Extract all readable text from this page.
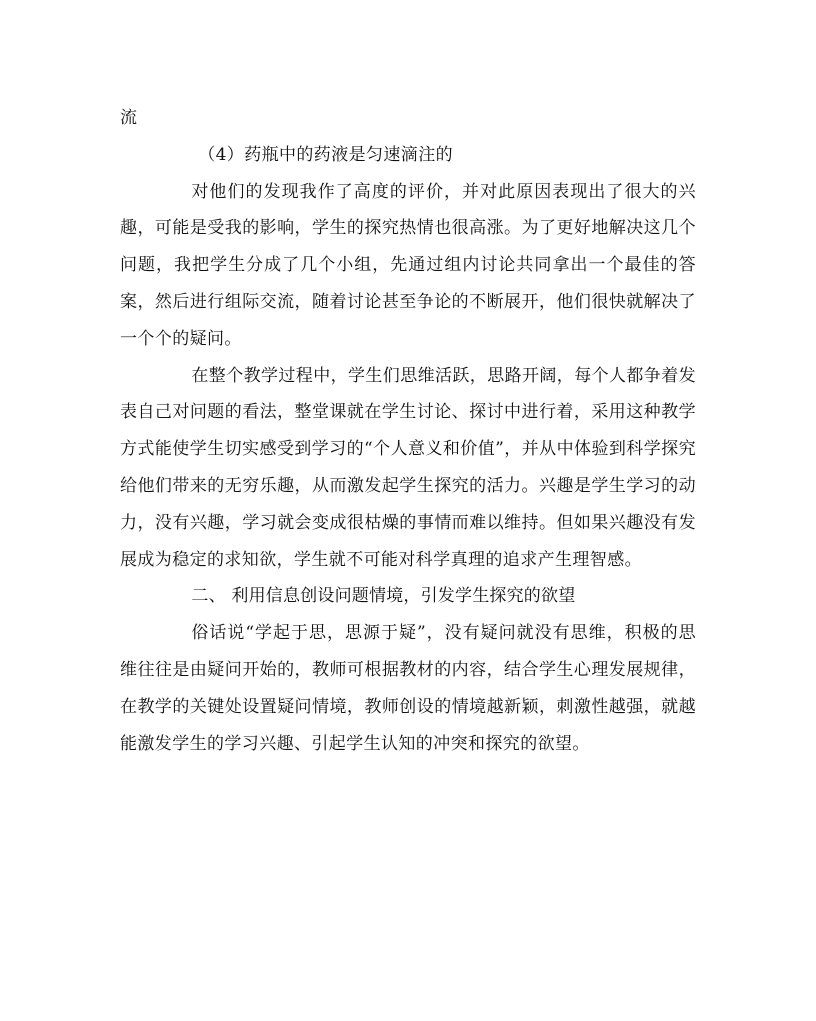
流

（4）药瓶中的药液是匀速滴注的

对他们的发现我作了高度的评价，并对此原因表现出了很大的兴趣，可能是受我的影响，学生的探究热情也很高涨。为了更好地解决这几个问题，我把学生分成了几个小组，先通过组内讨论共同拿出一个最佳的答案，然后进行组际交流，随着讨论甚至争论的不断展开，他们很快就解决了一个个的疑问。

在整个教学过程中，学生们思维活跃，思路开阔，每个人都争着发表自己对问题的看法，整堂课就在学生讨论、探讨中进行着，采用这种教学方式能使学生切实感受到学习的“个人意义和价值”，并从中体验到科学探究给他们带来的无穷乐趣，从而激发起学生探究的活力。兴趣是学生学习的动力，没有兴趣，学习就会变成很枯燥的事情而难以维持。但如果兴趣没有发展成为稳定的求知欲，学生就不可能对科学真理的追求产生理智感。

二、 利用信息创设问题情境，引发学生探究的欲望

俗话说“学起于思，思源于疑”，没有疑问就没有思维，积极的思维往往是由疑问开始的，教师可根据教材的内容，结合学生心理发展规律，在教学的关键处设置疑问情境，教师创设的情境越新颖，刺激性越强，就越能激发学生的学习兴趣、引起学生认知的冲突和探究的欲望。
